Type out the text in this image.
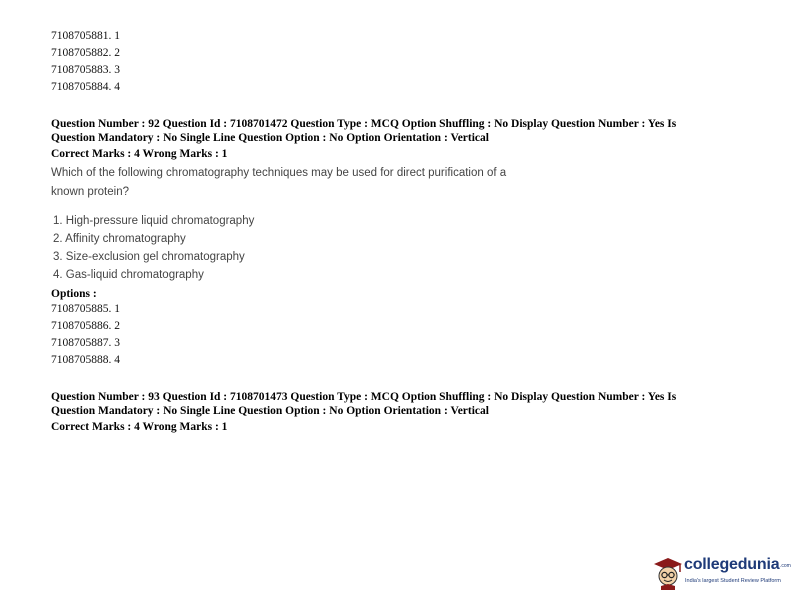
7108705881. 1
7108705882. 2
7108705883. 3
7108705884. 4
Question Number : 92 Question Id : 7108701472 Question Type : MCQ Option Shuffling : No Display Question Number : Yes Is
Question Mandatory : No Single Line Question Option : No Option Orientation : Vertical
Correct Marks : 4 Wrong Marks : 1
Which of the following chromatography techniques may be used for direct purification of a
known protein?
1. High-pressure liquid chromatography
2. Affinity chromatography
3. Size-exclusion gel chromatography
4. Gas-liquid chromatography
Options :
7108705885. 1
7108705886. 2
7108705887. 3
7108705888. 4
Question Number : 93 Question Id : 7108701473 Question Type : MCQ Option Shuffling : No Display Question Number : Yes Is
Question Mandatory : No Single Line Question Option : No Option Orientation : Vertical
Correct Marks : 4 Wrong Marks : 1
collegedunia .com
India's largest Student Review Platform
